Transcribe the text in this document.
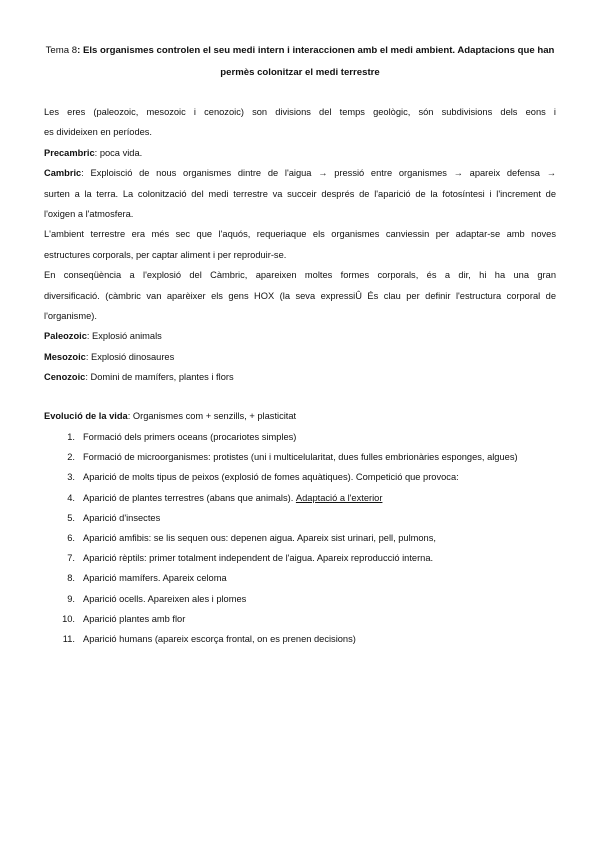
Tema 8: Els organismes controlen el seu medi intern i interaccionen amb el medi ambient. Adaptacions que han
permès colonitzar el medi terrestre

Les eres (paleozoic, mesozoic i cenozoic) son divisions del temps geològic, són subdivisions dels eons i

es divideixen en períodes.

Precambric: poca vida.

Cambric: Exploisció de nous organismes dintre de l'aigua → pressió entre organismes → apareix defensa →

surten a la terra. La colonització del medi terrestre va succeir després de l'aparició de la fotosíntesi i l'increment de

l'oxigen a l'atmosfera.

L'ambient terrestre era més sec que l'aquós, requeriaque els organismes canviessin per adaptar-se amb noves

estructures corporals, per captar aliment i per reproduir-se.

En conseqüència a l'explosió del Càmbric, apareixen moltes formes corporals, és a dir, hi ha una gran

diversificació. (càmbric van aparèixer els gens HOX (la seva expressiÛ És clau per definir l'estructura corporal de

l'organisme).

Paleozoic: Explosió animals

Mesozoic: Explosió dinosaures

Cenozoic: Domini de mamífers, plantes i flors

Evolució de la vida: Organismes com + senzills, + plasticitat
1. Formació dels primers oceans (procariotes simples)
2. Formació de microorganismes: protistes (uni i multicelularitat, dues fulles embrionàries esponges, algues)
3. Aparició de molts tipus de peixos (explosió de fomes aquàtiques). Competició que provoca:
4. Aparició de plantes terrestres (abans que animals). Adaptació a l'exterior
5. Aparició d'insectes
6. Aparició amfibis: se lis sequen ous: depenen aigua. Apareix sist urinari, pell, pulmons,
7. Aparició rèptils: primer totalment independent de l'aigua. Apareix reproducció interna.
8. Aparició mamífers. Apareix celoma
9. Aparició ocells. Apareixen ales i plomes
10. Aparició plantes amb flor
11. Aparició humans (apareix escorça frontal, on es prenen decisions)
